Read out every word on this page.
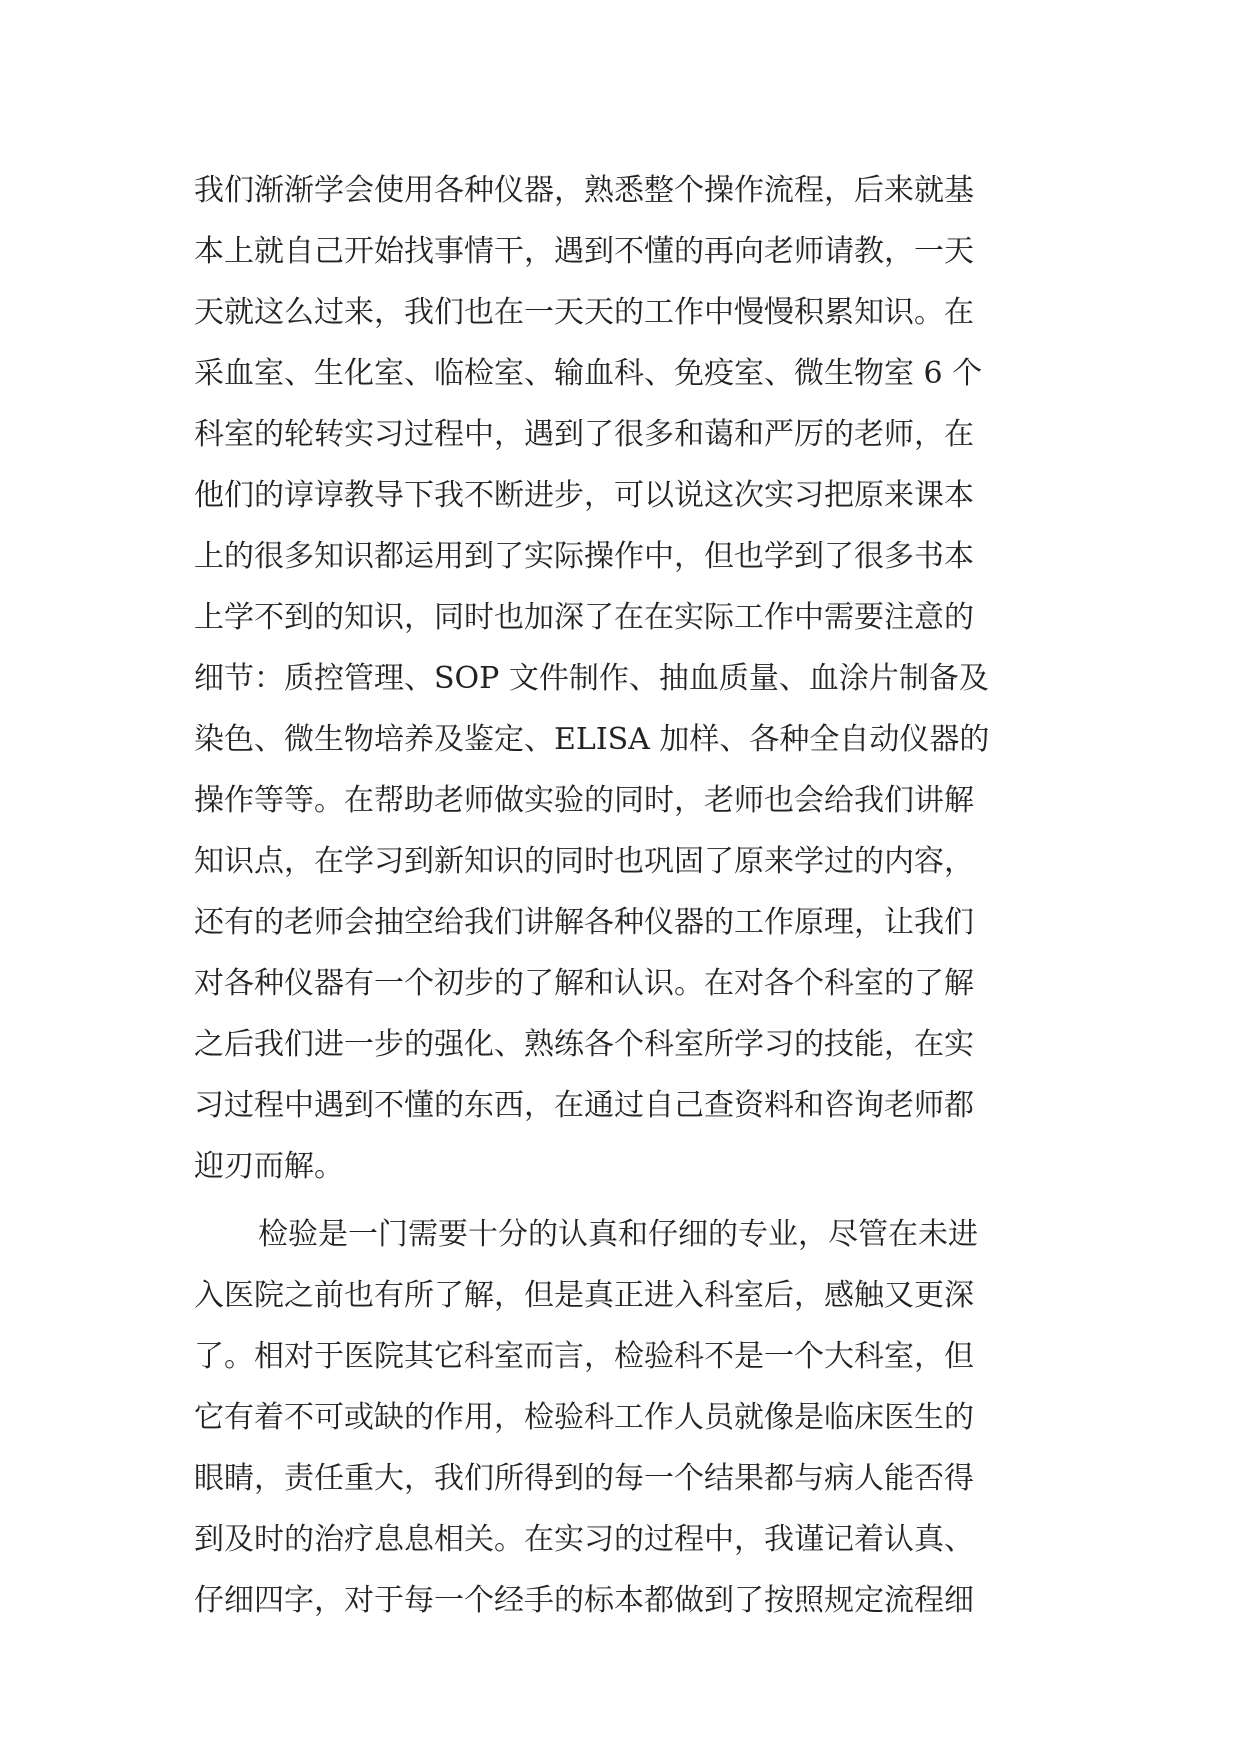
我们渐渐学会使用各种仪器，熟悉整个操作流程，后来就基
本上就自己开始找事情干，遇到不懂的再向老师请教，一天
天就这么过来，我们也在一天天的工作中慢慢积累知识。在
采血室、生化室、临检室、输血科、免疫室、微生物室 6 个
科室的轮转实习过程中，遇到了很多和蔼和严厉的老师，在
他们的谆谆教导下我不断进步，可以说这次实习把原来课本
上的很多知识都运用到了实际操作中，但也学到了很多书本
上学不到的知识，同时也加深了在在实际工作中需要注意的
细节：质控管理、SOP 文件制作、抽血质量、血涂片制备及
染色、微生物培养及鉴定、ELISA 加样、各种全自动仪器的
操作等等。在帮助老师做实验的同时，老师也会给我们讲解
知识点，在学习到新知识的同时也巩固了原来学过的内容，
还有的老师会抽空给我们讲解各种仪器的工作原理，让我们
对各种仪器有一个初步的了解和认识。在对各个科室的了解
之后我们进一步的强化、熟练各个科室所学习的技能，在实
习过程中遇到不懂的东西，在通过自己查资料和咨询老师都
迎刃而解。
检验是一门需要十分的认真和仔细的专业，尽管在未进
入医院之前也有所了解，但是真正进入科室后，感触又更深
了。相对于医院其它科室而言，检验科不是一个大科室，但
它有着不可或缺的作用，检验科工作人员就像是临床医生的
眼睛，责任重大，我们所得到的每一个结果都与病人能否得
到及时的治疗息息相关。在实习的过程中，我谨记着认真、
仔细四字，对于每一个经手的标本都做到了按照规定流程细
